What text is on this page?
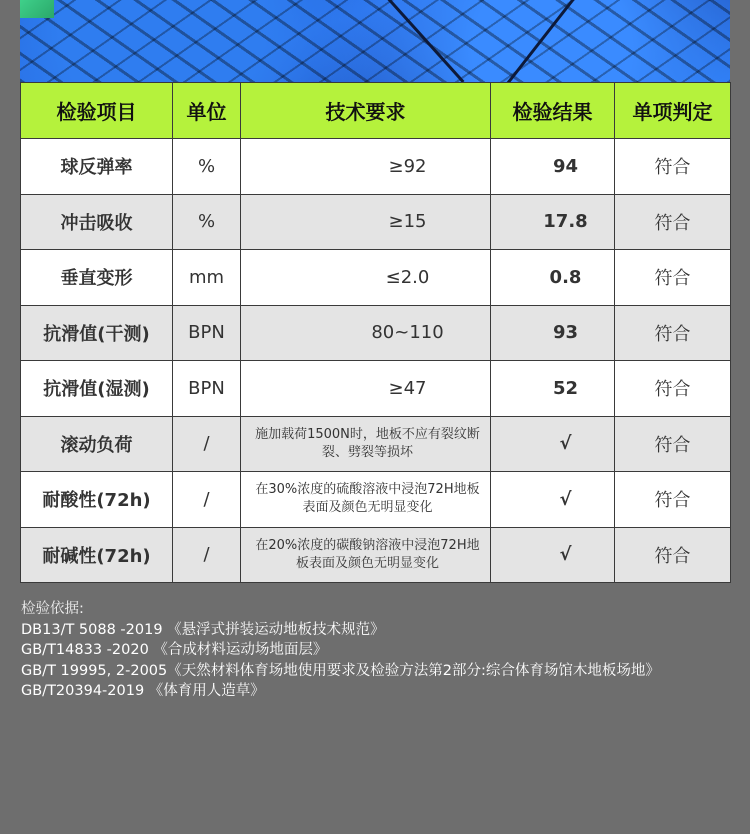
检验项目	单位	技术要求	检验结果	单项判定
球反弹率	%	≥92	94	符合
冲击吸收	%	≥15	17.8	符合
垂直变形	mm	≤2.0	0.8	符合
抗滑值(干测)	BPN	80~110	93	符合
抗滑值(湿测)	BPN	≥47	52	符合
滚动负荷	/	施加载荷1500N时，地板不应有裂纹断裂、劈裂等损坏	√	符合
耐酸性(72h)	/	在30%浓度的硫酸溶液中浸泡72H地板表面及颜色无明显变化	√	符合
耐碱性(72h)	/	在20%浓度的碳酸钠溶液中浸泡72H地板表面及颜色无明显变化	√	符合
检验依据:
DB13/T 5088 -2019 《悬浮式拼装运动地板技术规范》
GB/T14833 -2020 《合成材料运动场地面层》
GB/T 19995, 2-2005《天然材料体育场地使用要求及检验方法第2部分:综合体育场馆木地板场地》
GB/T20394-2019 《体育用人造草》
